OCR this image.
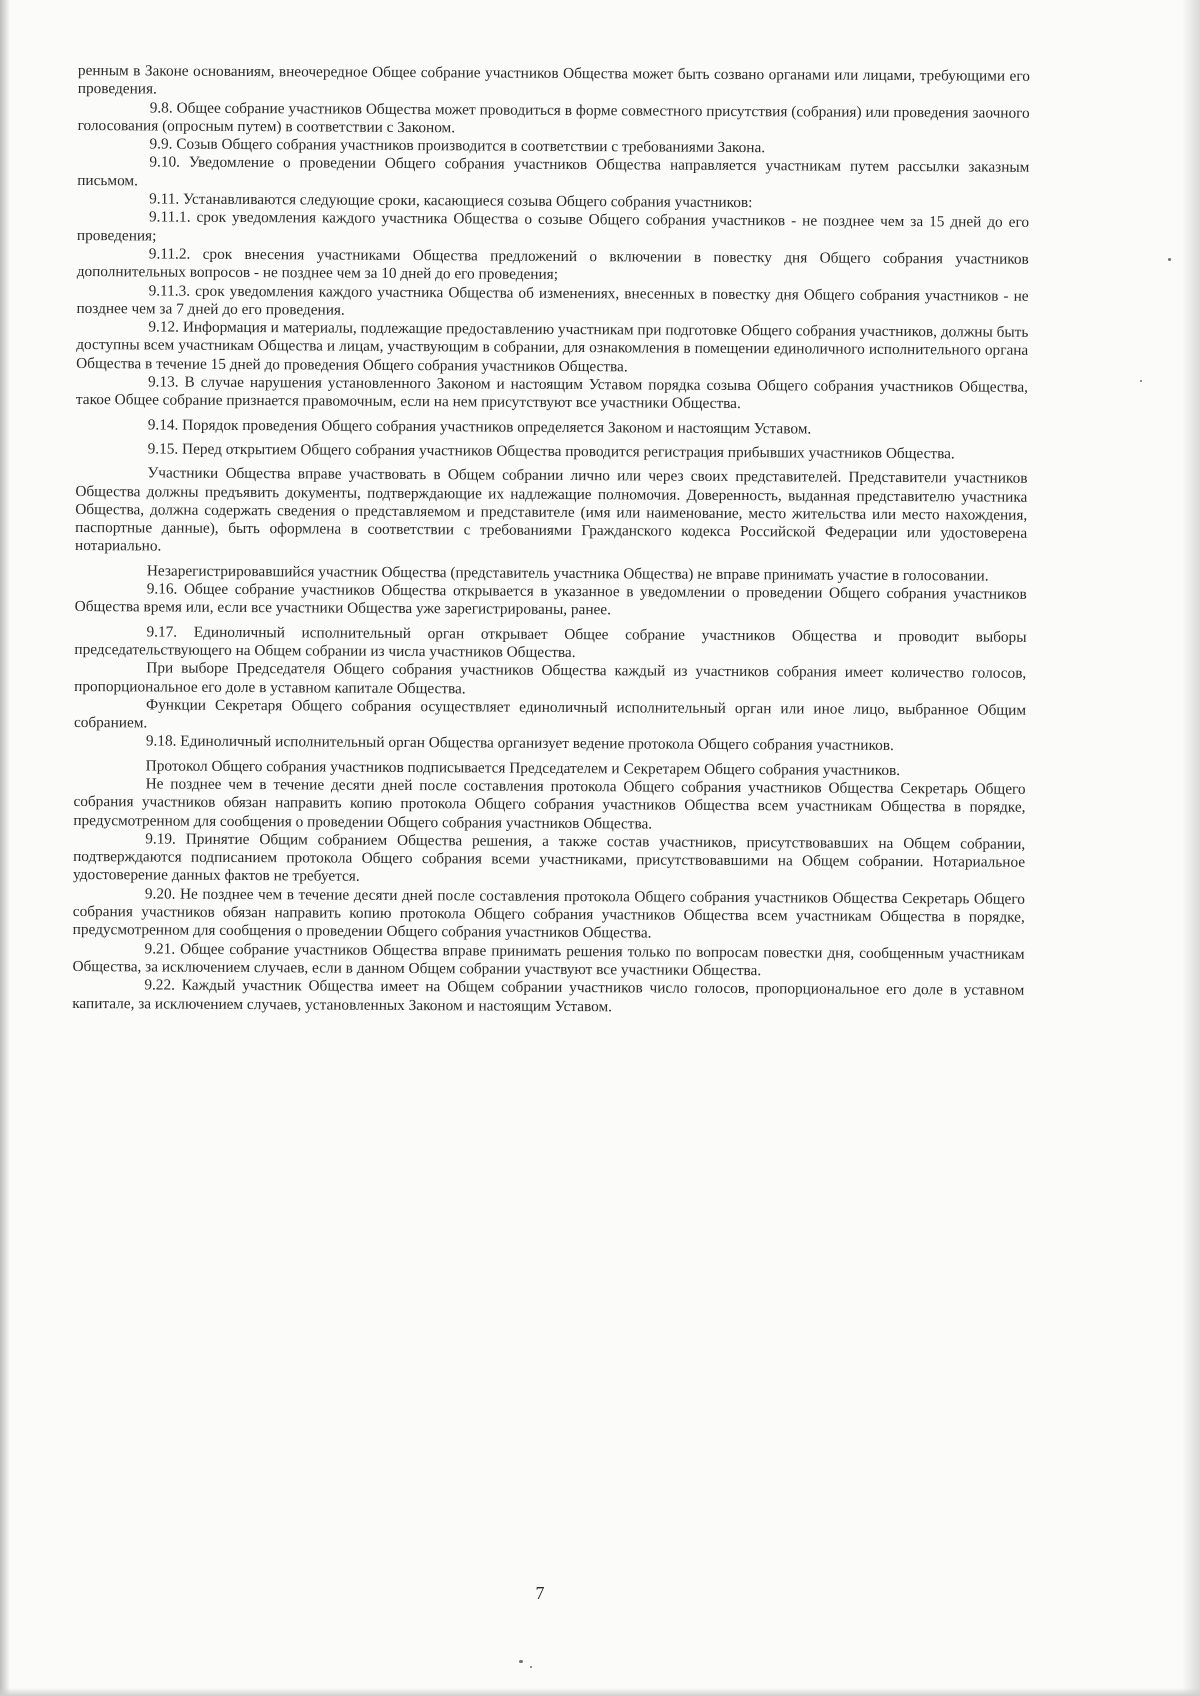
ренным в Законе основаниям, внеочередное Общее собрание участников Общества может быть созвано органами или лицами, требующими его проведения.

9.8. Общее собрание участников Общества может проводиться в форме совместного присутствия (собрания) или проведения заочного голосования (опросным путем) в соответствии с Законом.

9.9. Созыв Общего собрания участников производится в соответствии с требованиями Закона.

9.10. Уведомление о проведении Общего собрания участников Общества направляется участникам путем рассылки заказным письмом.

9.11. Устанавливаются следующие сроки, касающиеся созыва Общего собрания участников:

9.11.1. срок уведомления каждого участника Общества о созыве Общего собрания участников - не позднее чем за 15 дней до его проведения;

9.11.2. срок внесения участниками Общества предложений о включении в повестку дня Общего собрания участников дополнительных вопросов - не позднее чем за 10 дней до его проведения;

9.11.3. срок уведомления каждого участника Общества об изменениях, внесенных в повестку дня Общего собрания участников - не позднее чем за 7 дней до его проведения.

9.12. Информация и материалы, подлежащие предоставлению участникам при подготовке Общего собрания участников, должны быть доступны всем участникам Общества и лицам, участвующим в собрании, для ознакомления в помещении единоличного исполнительного органа Общества в течение 15 дней до проведения Общего собрания участников Общества.

9.13. В случае нарушения установленного Законом и настоящим Уставом порядка созыва Общего собрания участников Общества, такое Общее собрание признается правомочным, если на нем присутствуют все участники Общества.

9.14. Порядок проведения Общего собрания участников определяется Законом и настоящим Уставом.

9.15. Перед открытием Общего собрания участников Общества проводится регистрация прибывших участников Общества.

Участники Общества вправе участвовать в Общем собрании лично или через своих представителей. Представители участников Общества должны предъявить документы, подтверждающие их надлежащие полномочия. Доверенность, выданная представителю участника Общества, должна содержать сведения о представляемом и представителе (имя или наименование, место жительства или место нахождения, паспортные данные), быть оформлена в соответствии с требованиями Гражданского кодекса Российской Федерации или удостоверена нотариально.

Незарегистрировавшийся участник Общества (представитель участника Общества) не вправе принимать участие в голосовании.

9.16. Общее собрание участников Общества открывается в указанное в уведомлении о проведении Общего собрания участников Общества время или, если все участники Общества уже зарегистрированы, ранее.

9.17. Единоличный исполнительный орган открывает Общее собрание участников Общества и проводит выборы председательствующего на Общем собрании из числа участников Общества.

При выборе Председателя Общего собрания участников Общества каждый из участников собрания имеет количество голосов, пропорциональное его доле в уставном капитале Общества.

Функции Секретаря Общего собрания осуществляет единоличный исполнительный орган или иное лицо, выбранное Общим собранием.

9.18. Единоличный исполнительный орган Общества организует ведение протокола Общего собрания участников.

Протокол Общего собрания участников подписывается Председателем и Секретарем Общего собрания участников.

Не позднее чем в течение десяти дней после составления протокола Общего собрания участников Общества Секретарь Общего собрания участников обязан направить копию протокола Общего собрания участников Общества всем участникам Общества в порядке, предусмотренном для сообщения о проведении Общего собрания участников Общества.

9.19. Принятие Общим собранием Общества решения, а также состав участников, присутствовавших на Общем собрании, подтверждаются подписанием протокола Общего собрания всеми участниками, присутствовавшими на Общем собрании. Нотариальное удостоверение данных фактов не требуется.

9.20. Не позднее чем в течение десяти дней после составления протокола Общего собрания участников Общества Секретарь Общего собрания участников обязан направить копию протокола Общего собрания участников Общества всем участникам Общества в порядке, предусмотренном для сообщения о проведении Общего собрания участников Общества.

9.21. Общее собрание участников Общества вправе принимать решения только по вопросам повестки дня, сообщенным участникам Общества, за исключением случаев, если в данном Общем собрании участвуют все участники Общества.

9.22. Каждый участник Общества имеет на Общем собрании участников число голосов, пропорциональное его доле в уставном капитале, за исключением случаев, установленных Законом и настоящим Уставом.

7
